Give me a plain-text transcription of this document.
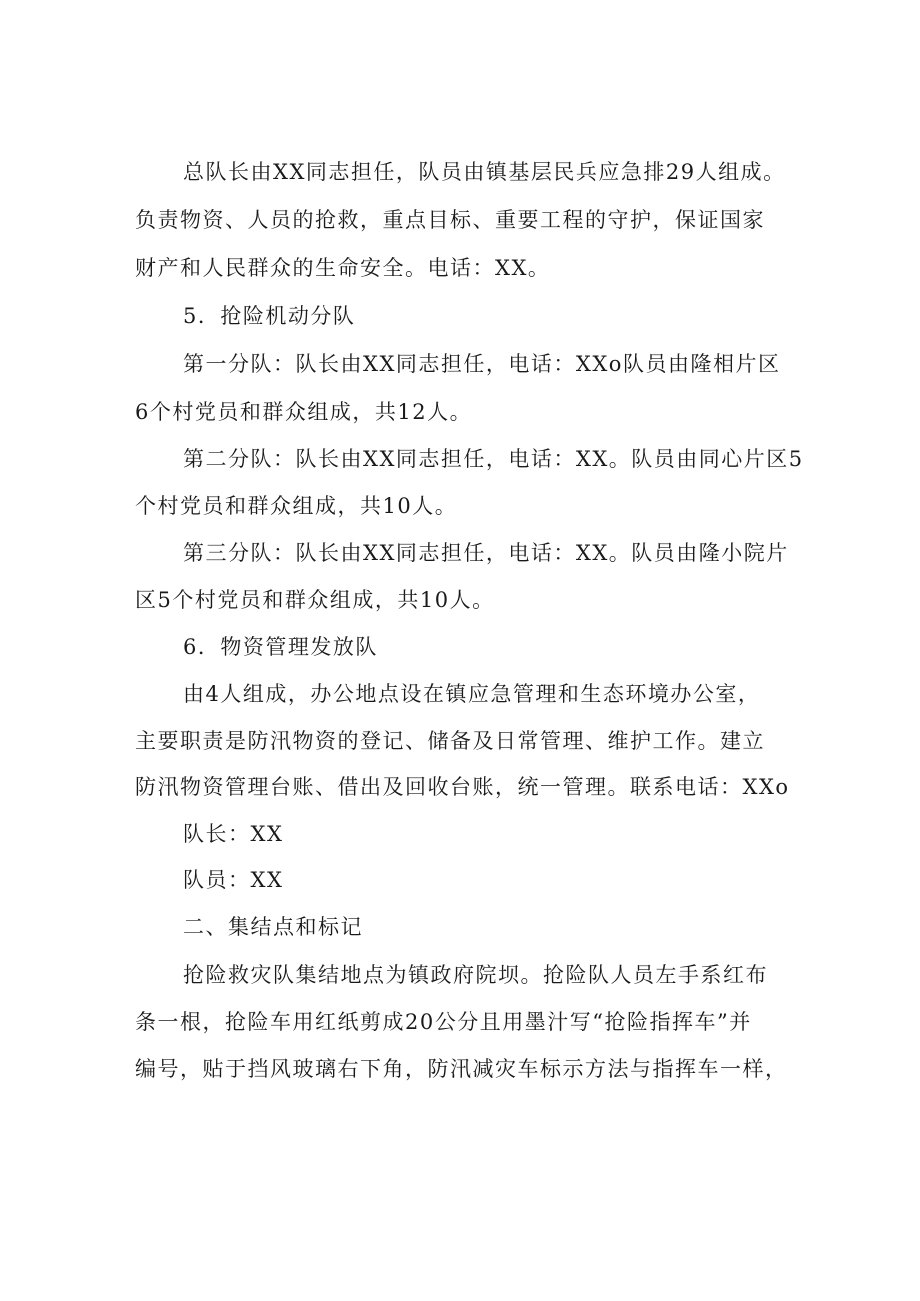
总队长由XX同志担任，队员由镇基层民兵应急排29人组成。
负责物资、人员的抢救，重点目标、重要工程的守护，保证国家
财产和人民群众的生命安全。电话：XX。
5．抢险机动分队
第一分队：队长由XX同志担任，电话：XXo队员由隆相片区
6个村党员和群众组成，共12人。
第二分队：队长由XX同志担任，电话：XX。队员由同心片区5
个村党员和群众组成，共10人。
第三分队：队长由XX同志担任，电话：XX。队员由隆小院片
区5个村党员和群众组成，共10人。
6．物资管理发放队
由4人组成，办公地点设在镇应急管理和生态环境办公室，
主要职责是防汛物资的登记、储备及日常管理、维护工作。建立
防汛物资管理台账、借出及回收台账，统一管理。联系电话：XXo
队长：XX
队员：XX
二、集结点和标记
抢险救灾队集结地点为镇政府院坝。抢险队人员左手系红布
条一根，抢险车用红纸剪成20公分且用墨汁写“抢险指挥车”并
编号，贴于挡风玻璃右下角，防汛减灾车标示方法与指挥车一样，
